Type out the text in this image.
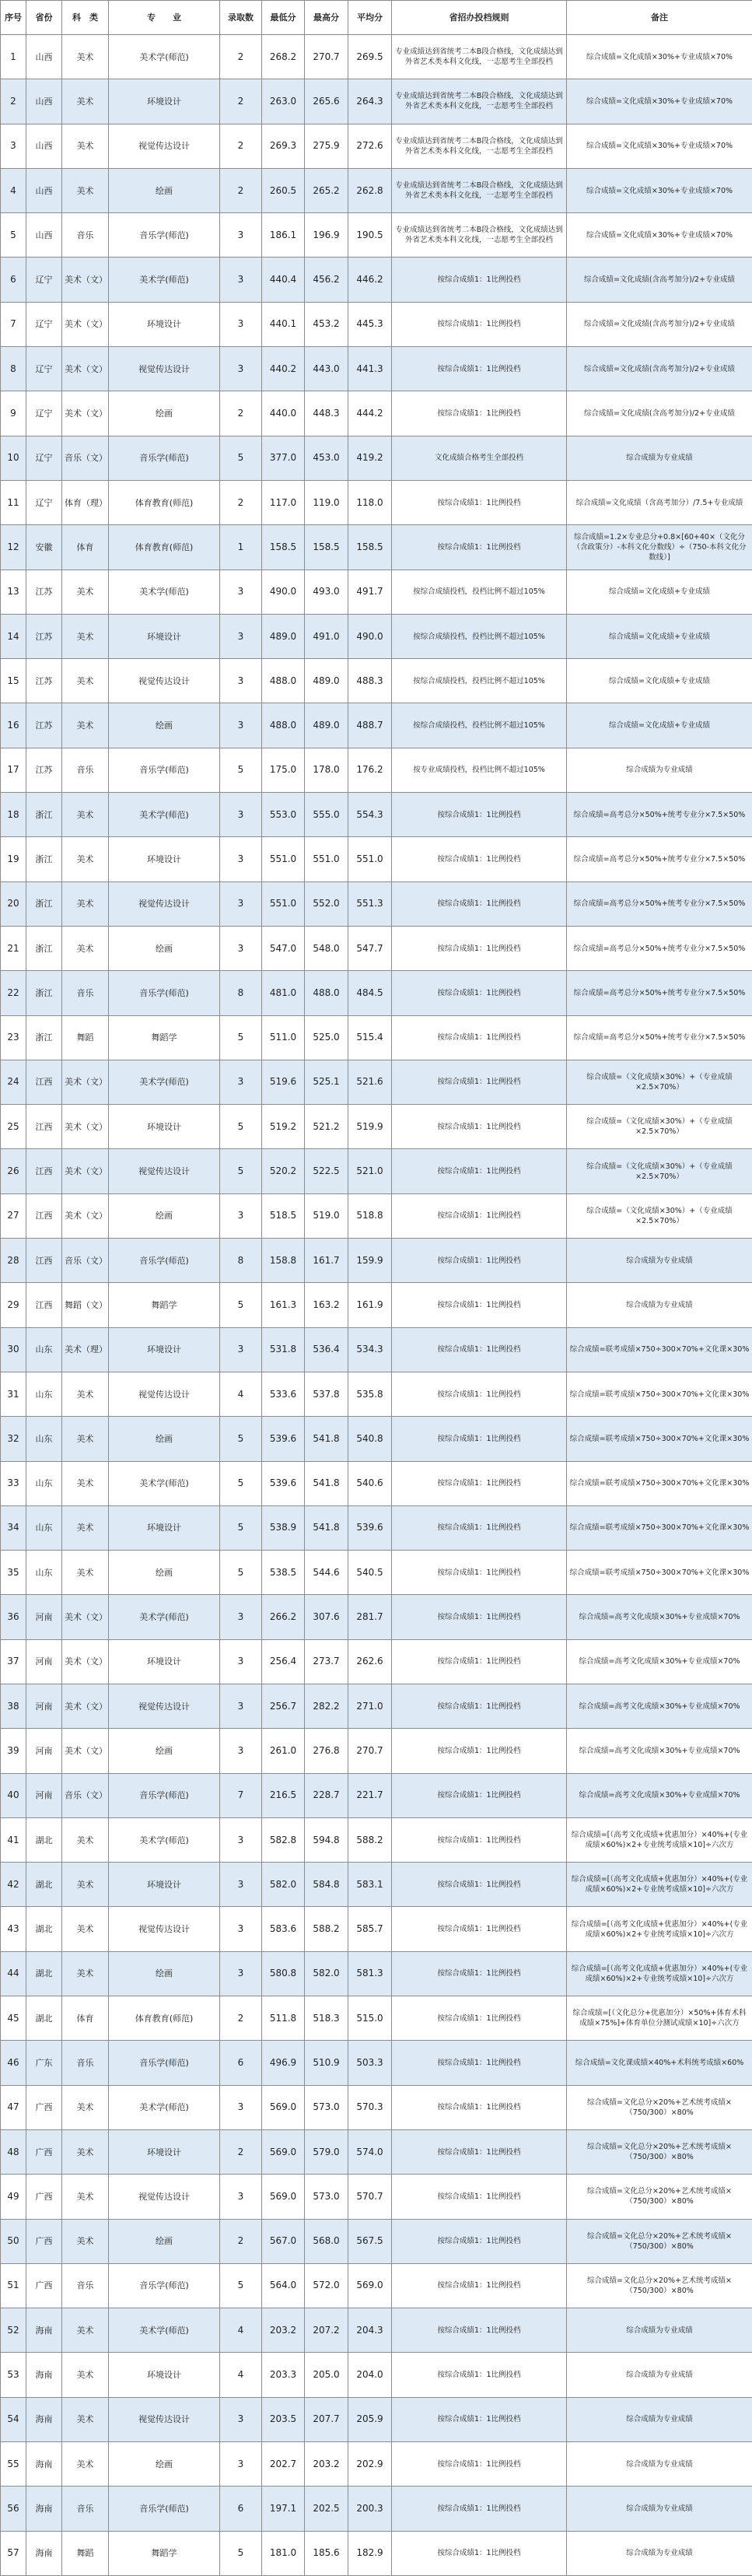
序号	省份	科　类	专　　业	录取数	最低分	最高分	平均分	省招办投档规则	备注
1	山西	美术	美术学(师范)	2	268.2	270.7	269.5	专业成绩达到省统考二本B段合格线，文化成绩达到外省艺术类本科文化线，一志愿考生全部投档	综合成绩=文化成绩×30%+专业成绩×70%
2	山西	美术	环境设计	2	263.0	265.6	264.3	专业成绩达到省统考二本B段合格线，文化成绩达到外省艺术类本科文化线，一志愿考生全部投档	综合成绩=文化成绩×30%+专业成绩×70%
3	山西	美术	视觉传达设计	2	269.3	275.9	272.6	专业成绩达到省统考二本B段合格线，文化成绩达到外省艺术类本科文化线，一志愿考生全部投档	综合成绩=文化成绩×30%+专业成绩×70%
4	山西	美术	绘画	2	260.5	265.2	262.8	专业成绩达到省统考二本B段合格线，文化成绩达到外省艺术类本科文化线，一志愿考生全部投档	综合成绩=文化成绩×30%+专业成绩×70%
5	山西	音乐	音乐学(师范)	3	186.1	196.9	190.5	专业成绩达到省统考二本B段合格线，文化成绩达到外省艺术类本科文化线，一志愿考生全部投档	综合成绩=文化成绩×30%+专业成绩×70%
6	辽宁	美术（文）	美术学(师范)	3	440.4	456.2	446.2	按综合成绩1：1比例投档	综合成绩=文化成绩(含高考加分)/2+专业成绩
7	辽宁	美术（文）	环境设计	3	440.1	453.2	445.3	按综合成绩1：1比例投档	综合成绩=文化成绩(含高考加分)/2+专业成绩
8	辽宁	美术（文）	视觉传达设计	3	440.2	443.0	441.3	按综合成绩1：1比例投档	综合成绩=文化成绩(含高考加分)/2+专业成绩
9	辽宁	美术（文）	绘画	2	440.0	448.3	444.2	按综合成绩1：1比例投档	综合成绩=文化成绩(含高考加分)/2+专业成绩
10	辽宁	音乐（文）	音乐学(师范)	5	377.0	453.0	419.2	文化成绩合格考生全部投档	综合成绩为专业成绩
11	辽宁	体育（理）	体育教育(师范)	2	117.0	119.0	118.0	按综合成绩1：1比例投档	综合成绩=文化成绩（含高考加分）/7.5+专业成绩
12	安徽	体育	体育教育(师范)	1	158.5	158.5	158.5	按综合成绩1：1比例投档	综合成绩=1.2×专业总分+0.8×[60+40×（文化分（含政策分）-本科文化分数线）÷（750-本科文化分数线）]
13	江苏	美术	美术学(师范)	3	490.0	493.0	491.7	按综合成绩投档，投档比例不超过105%	综合成绩=文化成绩+专业成绩
14	江苏	美术	环境设计	3	489.0	491.0	490.0	按综合成绩投档，投档比例不超过105%	综合成绩=文化成绩+专业成绩
15	江苏	美术	视觉传达设计	3	488.0	489.0	488.3	按综合成绩投档，投档比例不超过105%	综合成绩=文化成绩+专业成绩
16	江苏	美术	绘画	3	488.0	489.0	488.7	按综合成绩投档，投档比例不超过105%	综合成绩=文化成绩+专业成绩
17	江苏	音乐	音乐学(师范)	5	175.0	178.0	176.2	按专业成绩投档，投档比例不超过105%	综合成绩为专业成绩
18	浙江	美术	美术学(师范)	3	553.0	555.0	554.3	按综合成绩1：1比例投档	综合成绩=高考总分×50%+统考专业分×7.5×50%
19	浙江	美术	环境设计	3	551.0	551.0	551.0	按综合成绩1：1比例投档	综合成绩=高考总分×50%+统考专业分×7.5×50%
20	浙江	美术	视觉传达设计	3	551.0	552.0	551.3	按综合成绩1：1比例投档	综合成绩=高考总分×50%+统考专业分×7.5×50%
21	浙江	美术	绘画	3	547.0	548.0	547.7	按综合成绩1：1比例投档	综合成绩=高考总分×50%+统考专业分×7.5×50%
22	浙江	音乐	音乐学(师范)	8	481.0	488.0	484.5	按综合成绩1：1比例投档	综合成绩=高考总分×50%+统考专业分×7.5×50%
23	浙江	舞蹈	舞蹈学	5	511.0	525.0	515.4	按综合成绩1：1比例投档	综合成绩=高考总分×50%+统考专业分×7.5×50%
24	江西	美术（文）	美术学(师范)	3	519.6	525.1	521.6	按综合成绩1：1比例投档	综合成绩=（文化成绩×30%）+（专业成绩×2.5×70%）
25	江西	美术（文）	环境设计	5	519.2	521.2	519.9	按综合成绩1：1比例投档	综合成绩=（文化成绩×30%）+（专业成绩×2.5×70%）
26	江西	美术（文）	视觉传达设计	5	520.2	522.5	521.0	按综合成绩1：1比例投档	综合成绩=（文化成绩×30%）+（专业成绩×2.5×70%）
27	江西	美术（文）	绘画	3	518.5	519.0	518.8	按综合成绩1：1比例投档	综合成绩=（文化成绩×30%）+（专业成绩×2.5×70%）
28	江西	音乐（文）	音乐学(师范)	8	158.8	161.7	159.9	按综合成绩1：1比例投档	综合成绩为专业成绩
29	江西	舞蹈（文）	舞蹈学	5	161.3	163.2	161.9	按综合成绩1：1比例投档	综合成绩为专业成绩
30	山东	美术（理）	环境设计	3	531.8	536.4	534.3	按综合成绩1：1比例投档	综合成绩=联考成绩×750÷300×70%+文化课×30%
31	山东	美术	视觉传达设计	4	533.6	537.8	535.8	按综合成绩1：1比例投档	综合成绩=联考成绩×750÷300×70%+文化课×30%
32	山东	美术	绘画	5	539.6	541.8	540.8	按综合成绩1：1比例投档	综合成绩=联考成绩×750÷300×70%+文化课×30%
33	山东	美术	美术学(师范)	5	539.6	541.8	540.6	按综合成绩1：1比例投档	综合成绩=联考成绩×750÷300×70%+文化课×30%
34	山东	美术	环境设计	5	538.9	541.8	539.6	按综合成绩1：1比例投档	综合成绩=联考成绩×750÷300×70%+文化课×30%
35	山东	美术	绘画	5	538.5	544.6	540.5	按综合成绩1：1比例投档	综合成绩=联考成绩×750÷300×70%+文化课×30%
36	河南	美术（文）	美术学(师范)	3	266.2	307.6	281.7	按综合成绩1：1比例投档	综合成绩=高考文化成绩×30%+专业成绩×70%
37	河南	美术（文）	环境设计	3	256.4	273.7	262.6	按综合成绩1：1比例投档	综合成绩=高考文化成绩×30%+专业成绩×70%
38	河南	美术（文）	视觉传达设计	3	256.7	282.2	271.0	按综合成绩1：1比例投档	综合成绩=高考文化成绩×30%+专业成绩×70%
39	河南	美术（文）	绘画	3	261.0	276.8	270.7	按综合成绩1：1比例投档	综合成绩=高考文化成绩×30%+专业成绩×70%
40	河南	音乐（文）	音乐学(师范)	7	216.5	228.7	221.7	按综合成绩1：1比例投档	综合成绩=高考文化成绩×30%+专业成绩×70%
41	湖北	美术	美术学(师范)	3	582.8	594.8	588.2	按综合成绩1：1比例投档	综合成绩=[（高考文化成绩+优惠加分）×40%+(专业成绩×60%)×2+专业统考成绩×10]÷六次方
42	湖北	美术	环境设计	3	582.0	584.8	583.1	按综合成绩1：1比例投档	综合成绩=[（高考文化成绩+优惠加分）×40%+(专业成绩×60%)×2+专业统考成绩×10]÷六次方
43	湖北	美术	视觉传达设计	3	583.6	588.2	585.7	按综合成绩1：1比例投档	综合成绩=[（高考文化成绩+优惠加分）×40%+(专业成绩×60%)×2+专业统考成绩×10]÷六次方
44	湖北	美术	绘画	3	580.8	582.0	581.3	按综合成绩1：1比例投档	综合成绩=[（高考文化成绩+优惠加分）×40%+(专业成绩×60%)×2+专业统考成绩×10]÷六次方
45	湖北	体育	体育教育(师范)	2	511.8	518.3	515.0	按综合成绩1：1比例投档	综合成绩=[（文化总分+优惠加分）×50%+体育术科成绩×75%]+体育单位分测试成绩×10]÷六次方
46	广东	音乐	音乐学(师范)	6	496.9	510.9	503.3	按综合成绩1：1比例投档	综合成绩=文化课成绩×40%+术科统考成绩×60%
47	广西	美术	美术学(师范)	3	569.0	573.0	570.3	按综合成绩1：1比例投档	综合成绩=文化总分×20%+艺术统考成绩×（750/300）×80%
48	广西	美术	环境设计	2	569.0	579.0	574.0	按综合成绩1：1比例投档	综合成绩=文化总分×20%+艺术统考成绩×（750/300）×80%
49	广西	美术	视觉传达设计	3	569.0	573.0	570.7	按综合成绩1：1比例投档	综合成绩=文化总分×20%+艺术统考成绩×（750/300）×80%
50	广西	美术	绘画	2	567.0	568.0	567.5	按综合成绩1：1比例投档	综合成绩=文化总分×20%+艺术统考成绩×（750/300）×80%
51	广西	音乐	音乐学(师范)	5	564.0	572.0	569.0	按综合成绩1：1比例投档	综合成绩=文化总分×20%+艺术统考成绩×（750/300）×80%
52	海南	美术	美术学(师范)	4	203.2	207.2	204.3	按综合成绩1：1比例投档	综合成绩为专业成绩
53	海南	美术	环境设计	4	203.3	205.0	204.0	按综合成绩1：1比例投档	综合成绩为专业成绩
54	海南	美术	视觉传达设计	3	203.5	207.7	205.9	按综合成绩1：1比例投档	综合成绩为专业成绩
55	海南	美术	绘画	3	202.7	203.2	202.9	按综合成绩1：1比例投档	综合成绩为专业成绩
56	海南	音乐	音乐学(师范)	6	197.1	202.5	200.3	按综合成绩1：1比例投档	综合成绩为专业成绩
57	海南	舞蹈	舞蹈学	5	181.0	185.6	182.9	按综合成绩1：1比例投档	综合成绩为专业成绩
